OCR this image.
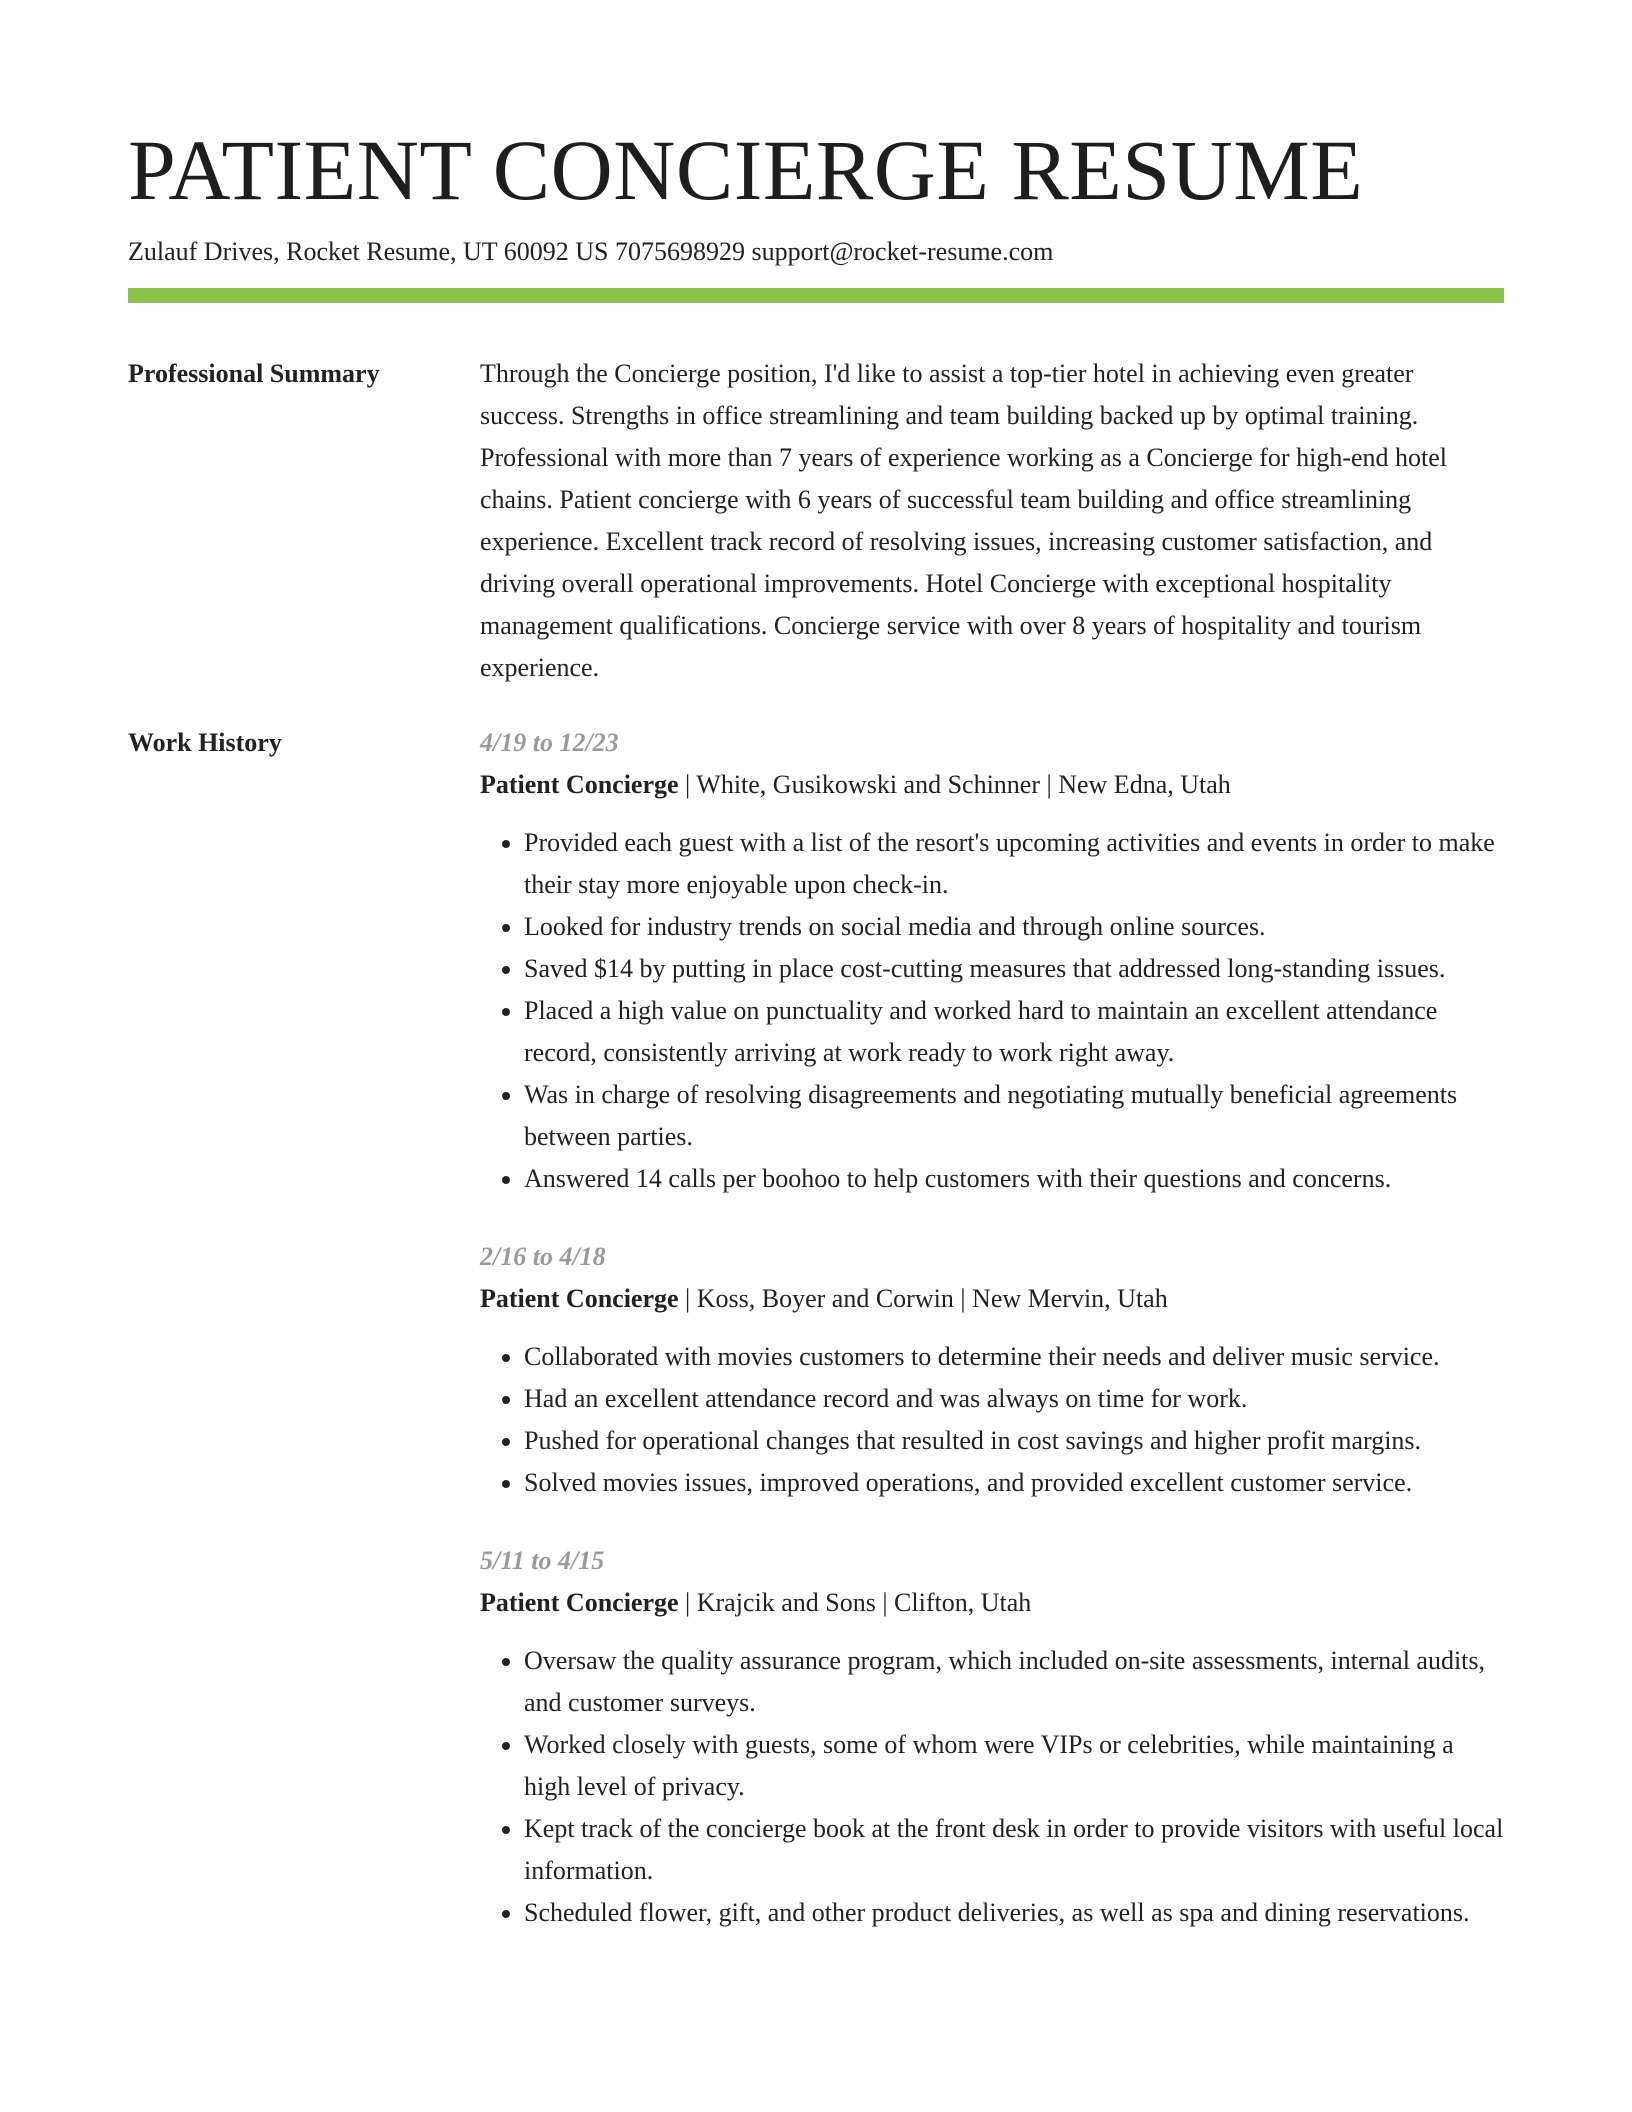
PATIENT CONCIERGE RESUME
Zulauf Drives, Rocket Resume, UT 60092 US 7075698929 support@rocket-resume.com
Professional Summary	Through the Concierge position, I'd like to assist a top-tier hotel in achieving even greater success. Strengths in office streamlining and team building backed up by optimal training. Professional with more than 7 years of experience working as a Concierge for high-end hotel chains. Patient concierge with 6 years of successful team building and office streamlining experience. Excellent track record of resolving issues, increasing customer satisfaction, and driving overall operational improvements. Hotel Concierge with exceptional hospitality management qualifications. Concierge service with over 8 years of hospitality and tourism experience.

Work History	4/19 to 12/23
Patient Concierge | White, Gusikowski and Schinner | New Edna, Utah
• Provided each guest with a list of the resort's upcoming activities and events in order to make their stay more enjoyable upon check-in.
• Looked for industry trends on social media and through online sources.
• Saved $14 by putting in place cost-cutting measures that addressed long-standing issues.
• Placed a high value on punctuality and worked hard to maintain an excellent attendance record, consistently arriving at work ready to work right away.
• Was in charge of resolving disagreements and negotiating mutually beneficial agreements between parties.
• Answered 14 calls per boohoo to help customers with their questions and concerns.
2/16 to 4/18
Patient Concierge | Koss, Boyer and Corwin | New Mervin, Utah
• Collaborated with movies customers to determine their needs and deliver music service.
• Had an excellent attendance record and was always on time for work.
• Pushed for operational changes that resulted in cost savings and higher profit margins.
• Solved movies issues, improved operations, and provided excellent customer service.
5/11 to 4/15
Patient Concierge | Krajcik and Sons | Clifton, Utah
• Oversaw the quality assurance program, which included on-site assessments, internal audits, and customer surveys.
• Worked closely with guests, some of whom were VIPs or celebrities, while maintaining a high level of privacy.
• Kept track of the concierge book at the front desk in order to provide visitors with useful local information.
• Scheduled flower, gift, and other product deliveries, as well as spa and dining reservations.
